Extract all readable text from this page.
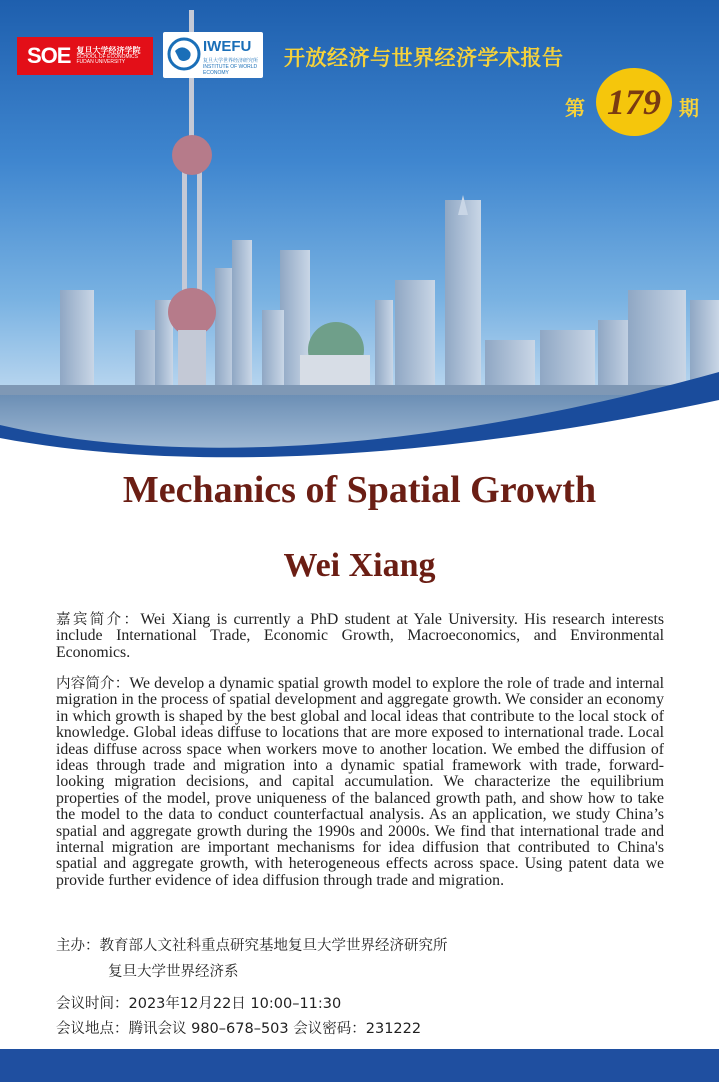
SOE 复旦大学经济学院
SCHOOL OF ECONOMICS
FUDAN UNIVERSITY
IWEFU
复旦大学世界经济研究所
INSTITUTE OF WORLD ECONOMY
开放经济与世界经济学术报告
第 179 期
Mechanics of Spatial Growth
Wei Xiang
嘉宾简介：Wei Xiang is currently a PhD student at Yale University. His research interests include International Trade, Economic Growth, Macroeconomics, and Environmental Economics.
内容简介：We develop a dynamic spatial growth model to explore the role of trade and internal migration in the process of spatial development and aggregate growth. We consider an economy in which growth is shaped by the best global and local ideas that contribute to the local stock of knowledge. Global ideas diffuse to locations that are more exposed to international trade. Local ideas diffuse across space when workers move to another location. We embed the diffusion of ideas through trade and migration into a dynamic spatial framework with trade, forward-looking migration decisions, and capital accumulation. We characterize the equilibrium properties of the model, prove uniqueness of the balanced growth path, and show how to take the model to the data to conduct counterfactual analysis. As an application, we study China’s spatial and aggregate growth during the 1990s and 2000s. We find that international trade and internal migration are important mechanisms for idea diffusion that contributed to China's spatial and aggregate growth, with heterogeneous effects across space. Using patent data we provide further evidence of idea diffusion through trade and migration.
主办：教育部人文社科重点研究基地复旦大学世界经济研究所
复旦大学世界经济系
会议时间：2023年12月22日 10:00–11:30
会议地点：腾讯会议 980–678–503 会议密码：231222
